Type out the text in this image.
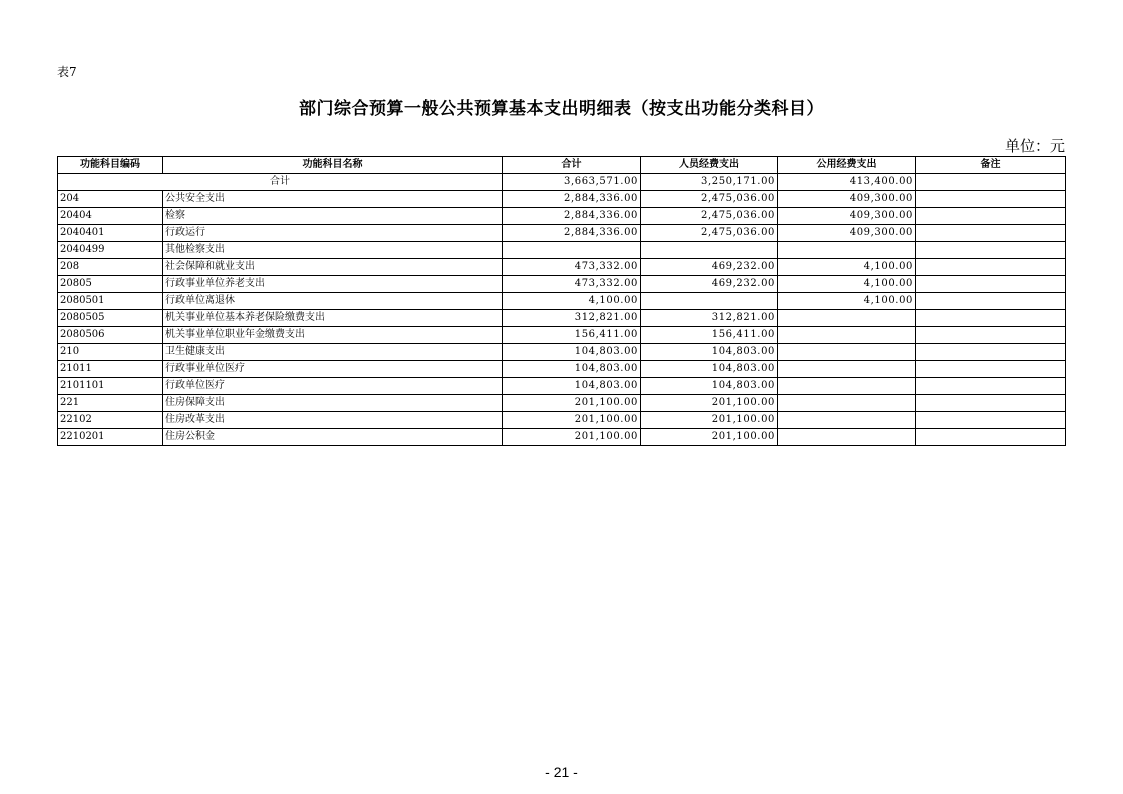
表7
部门综合预算一般公共预算基本支出明细表（按支出功能分类科目）
单位：元
功能科目编码	功能科目名称	合计	人员经费支出	公用经费支出	备注
合计		3,663,571.00	3,250,171.00	413,400.00	
204	公共安全支出	2,884,336.00	2,475,036.00	409,300.00	
20404	检察	2,884,336.00	2,475,036.00	409,300.00	
2040401	行政运行	2,884,336.00	2,475,036.00	409,300.00	
2040499	其他检察支出				
208	社会保障和就业支出	473,332.00	469,232.00	4,100.00	
20805	行政事业单位养老支出	473,332.00	469,232.00	4,100.00	
2080501	行政单位离退休	4,100.00		4,100.00	
2080505	机关事业单位基本养老保险缴费支出	312,821.00	312,821.00		
2080506	机关事业单位职业年金缴费支出	156,411.00	156,411.00		
210	卫生健康支出	104,803.00	104,803.00		
21011	行政事业单位医疗	104,803.00	104,803.00		
2101101	行政单位医疗	104,803.00	104,803.00		
221	住房保障支出	201,100.00	201,100.00		
22102	住房改革支出	201,100.00	201,100.00		
2210201	住房公积金	201,100.00	201,100.00		
- 21 -
